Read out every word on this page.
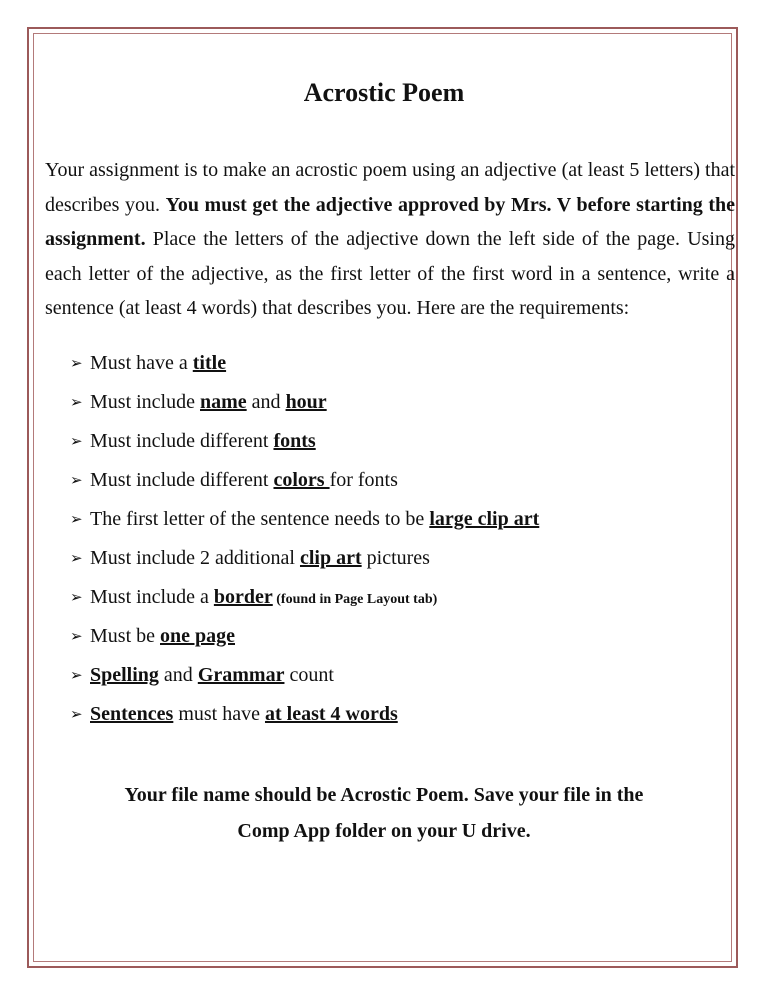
Acrostic Poem
Your assignment is to make an acrostic poem using an adjective (at least 5 letters) that describes you. You must get the adjective approved by Mrs. V before starting the assignment. Place the letters of the adjective down the left side of the page. Using each letter of the adjective, as the first letter of the first word in a sentence, write a sentence (at least 4 words) that describes you. Here are the requirements:
➢ Must have a title
➢ Must include name and hour
➢ Must include different fonts
➢ Must include different colors for fonts
➢ The first letter of the sentence needs to be large clip art
➢ Must include 2 additional clip art pictures
➢ Must include a border (found in Page Layout tab)
➢ Must be one page
➢ Spelling and Grammar count
➢ Sentences must have at least 4 words
Your file name should be Acrostic Poem. Save your file in the
Comp App folder on your U drive.
